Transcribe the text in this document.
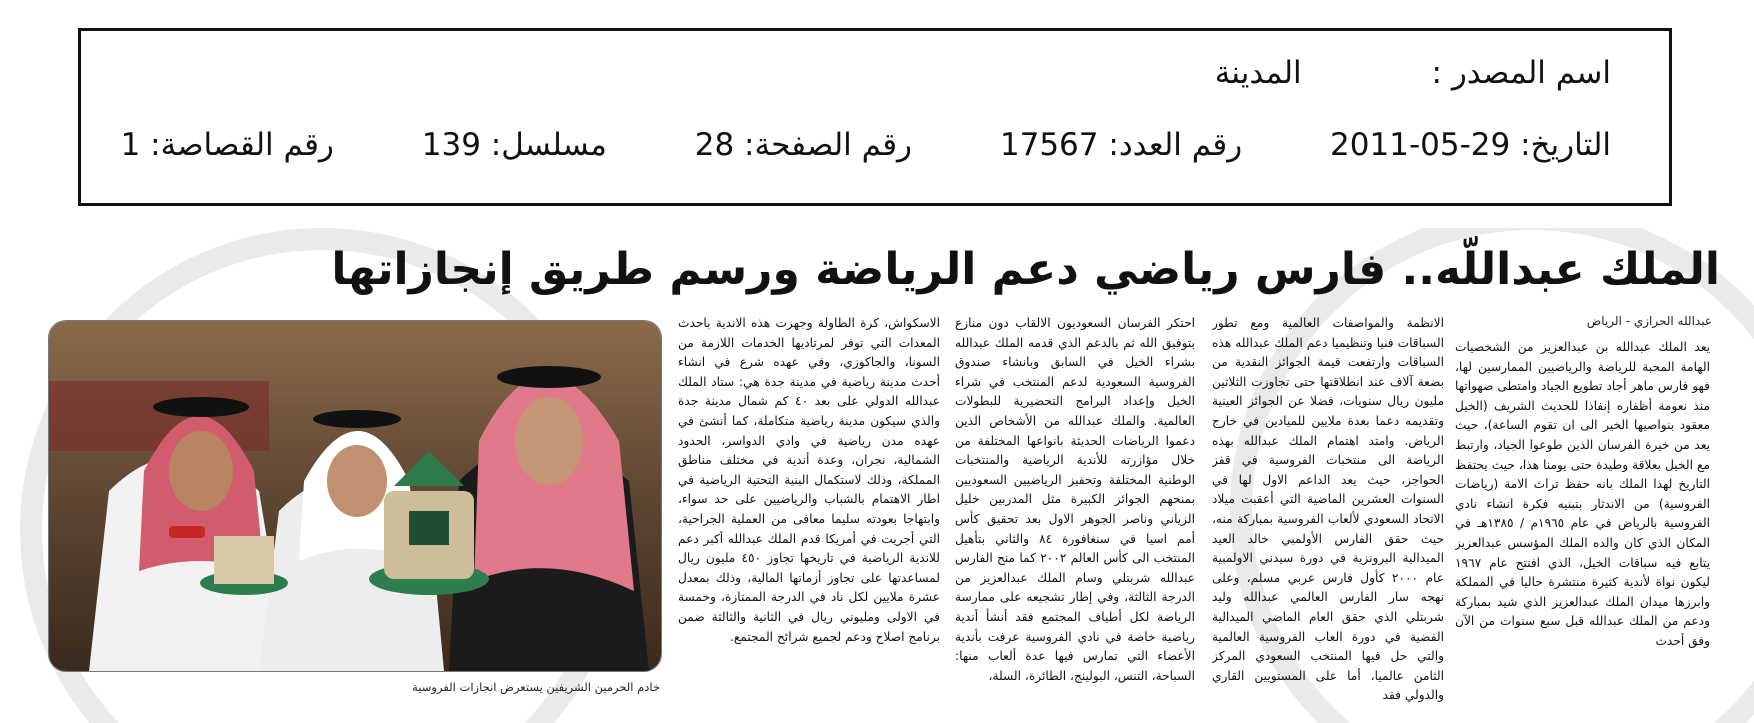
اسم المصدر : المدينة
التاريخ: 29-05-2011 رقم العدد: 17567 رقم الصفحة: 28 مسلسل: 139 رقم القصاصة: 1
الملك عبداللّه.. فارس رياضي دعم الرياضة ورسم طريق إنجازاتها
عبدالله الحرازي - الرياض
يعد الملك عبدالله بن عبدالعزيز من الشخصيات الهامة المحبة للرياضة والرياضيين الممارسين لها، فهو فارس ماهر أجاد تطويع الجياد وامتطى صهواتها منذ نعومة أظفاره إنفاذا للحديث الشريف (الخيل معقود بنواصيها الخير الى ان تقوم الساعة)، حيث يعد من خيرة الفرسان الذين طوعوا الجياد، وارتبط مع الخيل بعلاقة وطيدة حتى يومنا هذا، حيث يحتفظ التاريخ لهذا الملك بانه حفظ تراث الامة (رياضات الفروسية) من الاندثار بتبنيه فكرة انشاء نادي الفروسية بالرياض في عام ١٩٦٥م / ١٣٨٥هـ في المكان الذي كان والده الملك المؤسس عبدالعزيز يتابع فيه سباقات الخيل، الذي افتتح عام ١٩٦٧ ليكون نواة لأندية كثيرة منتشرة حاليا في المملكة وابرزها ميدان الملك عبدالعزيز الذي شيد بمباركة ودعم من الملك عبدالله قبل سبع سنوات من الآن وفق أحدث
الانظمة والمواصفات العالمية ومع تطور السباقات فنيا وتنظيميا دعم الملك عبدالله هذه السباقات وارتفعت قيمة الجوائز النقدية من بضعة آلاف عند انطلاقتها حتى تجاوزت الثلاثين مليون ريال سنويات، فضلا عن الجوائز العينية وتقديمه دعما بعدة ملايين للميادين في خارج الرياض. وامتد اهتمام الملك عبدالله بهذه الرياضة الى منتخبات الفروسية في قفز الحواجز، حيث يعد الداعم الاول لها في السنوات العشرين الماضية التي أعقبت ميلاد الاتحاد السعودي لألعاب الفروسية بمباركة منه، حيث حقق الفارس الأولمبي خالد العيد الميدالية البرونزية في دورة سيدني الاولمبية عام ٢٠٠٠ كأول فارس عربي مسلم، وعلى نهجه سار الفارس العالمي عبدالله وليد شربتلي الذي حقق العام الماضي الميدالية الفضية في دورة العاب الفروسية العالمية والتي حل فيها المنتخب السعودي المركز الثامن عالميا، أما على المستويين القاري والدولي فقد
احتكر الفرسان السعوديون الالقاب دون منازع بتوفيق الله ثم بالدعم الذي قدمه الملك عبدالله بشراء الخيل في السابق وبانشاء صندوق الفروسية السعودية لدعم المنتخب في شراء الخيل وإعداد البرامج التحضيرية للبطولات العالمية. والملك عبدالله من الأشخاص الذين دعموا الرياضات الحديثة بانواعها المختلفة من خلال مؤازرته للأندية الرياضية والمنتخبات الوطنية المختلفة وتحفيز الرياضيين السعوديين بمنحهم الجوائز الكبيرة مثل المدربين خليل الزياني وناصر الجوهر الاول بعد تحقيق كأس أمم اسيا في سنغافورة ٨٤ والثاني بتأهيل المنتخب الى كأس العالم ٢٠٠٢ كما منح الفارس عبدالله شربتلي وسام الملك عبدالعزيز من الدرجة الثالثة، وفي إطار تشجيعه على ممارسة الرياضة لكل أطياف المجتمع فقد أنشأ أندية رياضية خاصة في نادي الفروسية عرفت بأندية الأعضاء التي تمارس فيها عدة ألعاب منها: السباحة، التنس، البولينج، الطائرة، السلة،
الاسكواش، كرة الطاولة وجهزت هذه الاندية باحدث المعدات التي توفر لمرتاديها الخدمات اللازمة من السونا، والجاكوزي، وفي عهده شرع في انشاء أحدث مدينة رياضية في مدينة جدة هي: ستاد الملك عبدالله الدولي على بعد ٤٠ كم شمال مدينة جدة والذي سيكون مدينة رياضية متكاملة، كما أنشئ في عهده مدن رياضية في وادي الدواسر، الحدود الشمالية، نجران، وعدة أندية في مختلف مناطق المملكة، وذلك لاستكمال البنية التحتية الرياضية في اطار الاهتمام بالشباب والرياضيين على حد سواء، وابتهاجا بعودته سليما معافى من العملية الجراحية، التي أجريت في أمريكا قدم الملك عبدالله أكبر دعم للاندية الرياضية في تاريخها تجاوز ٤٥٠ مليون ريال لمساعدتها على تجاوز أزماتها المالية، وذلك بمعدل عشرة ملايين لكل ناد في الدرجة الممتازة، وخمسة في الاولى ومليوني ريال في الثانية والثالثة ضمن برنامج اصلاح ودعم لجميع شرائح المجتمع.
خادم الحرمين الشريفين يستعرض انجازات الفروسية
